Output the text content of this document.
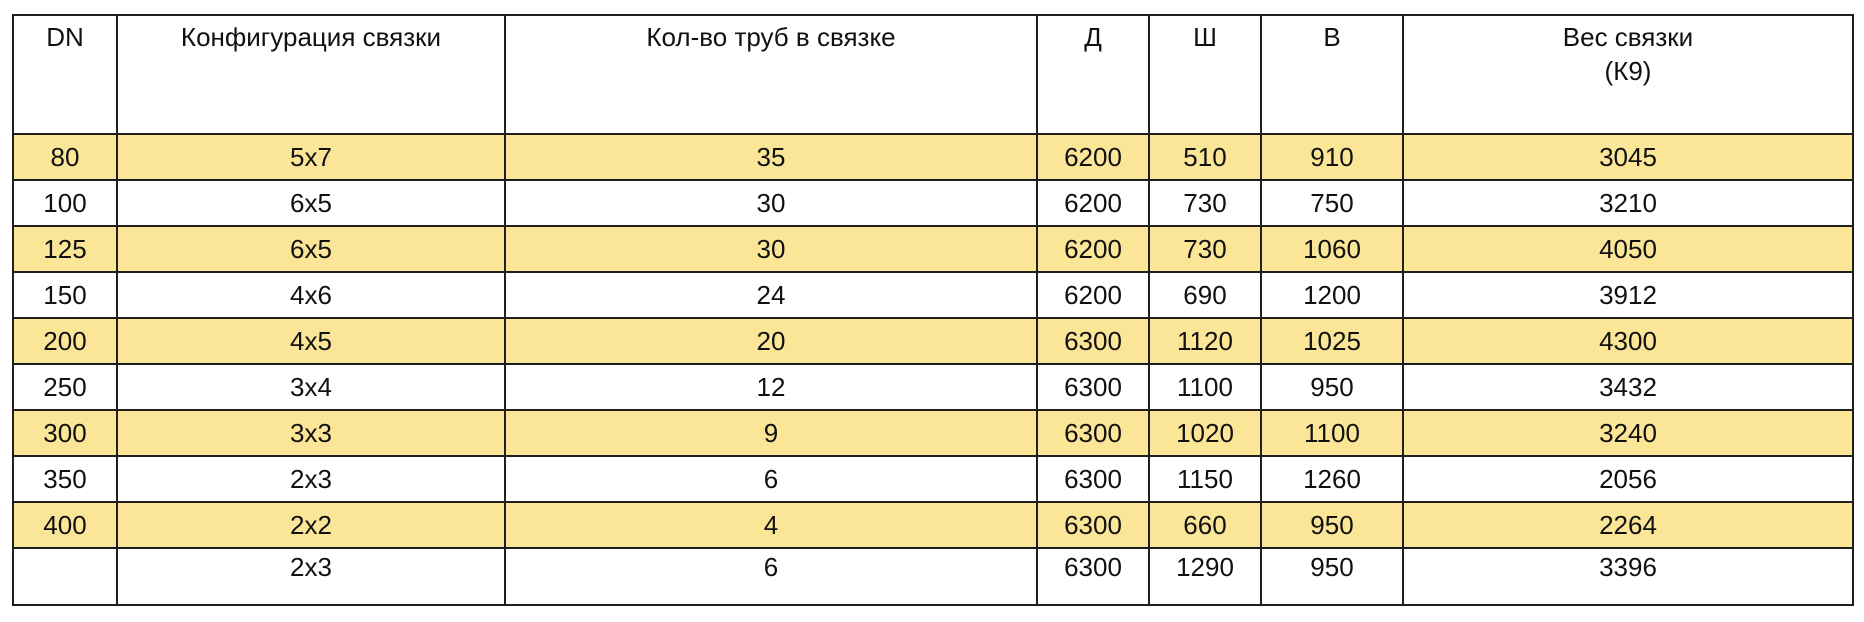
DN	Конфигурация связки	Кол-во труб в связке	Д	Ш	В	Вес связки
(К9)

80	5х7	35	6200	510	910	3045
100	6х5	30	6200	730	750	3210
125	6х5	30	6200	730	1060	4050
150	4х6	24	6200	690	1200	3912
200	4х5	20	6300	1120	1025	4300
250	3х4	12	6300	1100	950	3432
300	3х3	9	6300	1020	1100	3240
350	2х3	6	6300	1150	1260	2056
400	2х2	4	6300	660	950	2264
	2х3	6	6300	1290	950	3396
